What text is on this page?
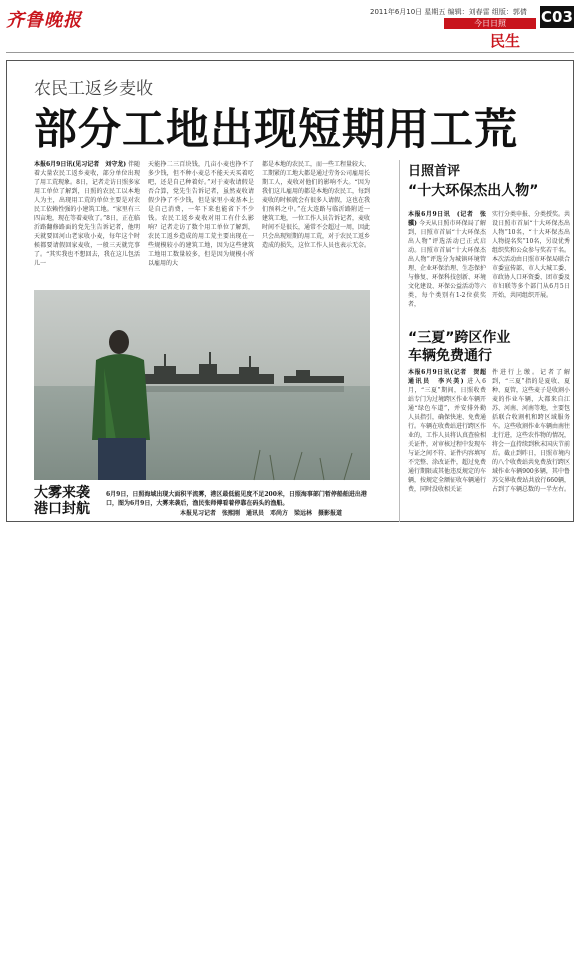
齐鲁晚报	2011年6月10日 星期五 编辑：刘春雷 组版：郭倩
今日日照
民生
C03
农民工返乡麦收
部分工地出现短期用工荒
本报6月9日讯(见习记者　刘守龙) 伴随着大量农民工返乡麦收，部分单位出现了用工荒现象。8日，记者走访日照多家用工单位了解到，日照的农民工以本地人为主，出现用工荒的单位主要是对农民工依赖性强的小建筑工地。“家里有三四亩地，现在等着麦收了。”8日，正在临沂路翻修路面的党先生告诉记者，他明天就要回河山老家收小麦，每年这个时候都要请假回家麦收，一般三天就完事了。“其实我也不想回去，我在这儿包活儿一
天能挣二三百块钱，几亩小麦也挣不了多少钱，但不种小麦总不能天天买着吃吧，还是自己种着好。”对于麦收请假是否合算，党先生告诉记者，虽然麦收请假少挣了不少钱，但是家里小麦基本上是自己消费，一年下来也能省下不少钱。农民工返乡麦收对用工有什么影响？记者走访了数个用工单位了解到，农民工返乡造成的用工荒主要出现在一些规模较小的建筑工地，因为这些建筑工地用工数量较多，但是因为规模小所以雇用的大
都是本地的农民工，而一些工程量较大、工期紧的工地大都是通过劳务公司雇用长期工人，麦收对他们的影响不大。“因为我们这儿雇用的都是本地的农民工，每到麦收的时候就会有很多人请假，这也在我们预料之中。”在大连路与临沂路附近一建筑工地，一位工作人员告诉记者，麦收时间不是很长，通常不会超过一周，因此只会出现短期的用工荒，对于农民工返乡造成的损失，这位工作人员也表示无奈。
大雾来袭
港口封航
6月9日，日照海域出现大面积平流雾，港区最低能见度不足200米，日照海事部门暂停船舶进出港口，图为6月9日，大雾来袭后，渔民张师傅看着停靠在码头的渔船。
本报见习记者　张熙刚　通讯员　邓尚方　梁远林　摄影报道
日照首评
“十大环保杰出人物”
本报6月9日讯　(记者　张　骥) 今天从日照市环保局了解到，日照市首届“十大环保杰出人物”评选活动已正式启动。日照市首届“十大环保杰出人物”评选分为城镇环境管理、企业环保治理、生态保护与修复、环保科技创新、环境文化建设、环保公益活动等六类，每个类别有1-2位获奖者，
实行分类申报、分类授奖。共设日照市首届“十大环保杰出人物”10名，“十大环保杰出人物提名奖”10名，另设优秀组织奖和公众参与奖若干名。本次活动由日照市环保局联合市委宣传部、市人大城工委、市政协人口环资委、团市委及市妇联等多个部门从6月5日开始，共同组织开展。
“三夏”跨区作业
车辆免费通行
本报6月9日讯(记者　贺超　通讯员　李兴美) 进入6月，“三夏”期间，日照收费站专门为过境跨区作业车辆开通“绿色车道”，并安排外勤人员指引，确保快速、免费通行。车辆在收费站进行跨区作业的，工作人员将认真查验相关证件，对审核过程中发现车与证之间不符、证件内容填写不完整、涂改证件，超过免费通行期限或其他违反规定的车辆，按规定全额征收车辆通行费，同时没收相关证
件进行上缴。记者了解到，“三夏”指的是夏收、夏种、夏管，这些麦子是收割小麦的作业车辆，大都来自江苏、河南、河南等地，主要包括联合收割机和跨区域服务车。这些收割作业车辆由南往北行进，这些农作物的情况，将会一直持续到秋末国庆节前后。截止到昨日，日照市境内的八个收费站共免费放行跨区域作业车辆900多辆，其中鲁苏交界收费站共放行660辆，占到了车辆总数的一半左右。
